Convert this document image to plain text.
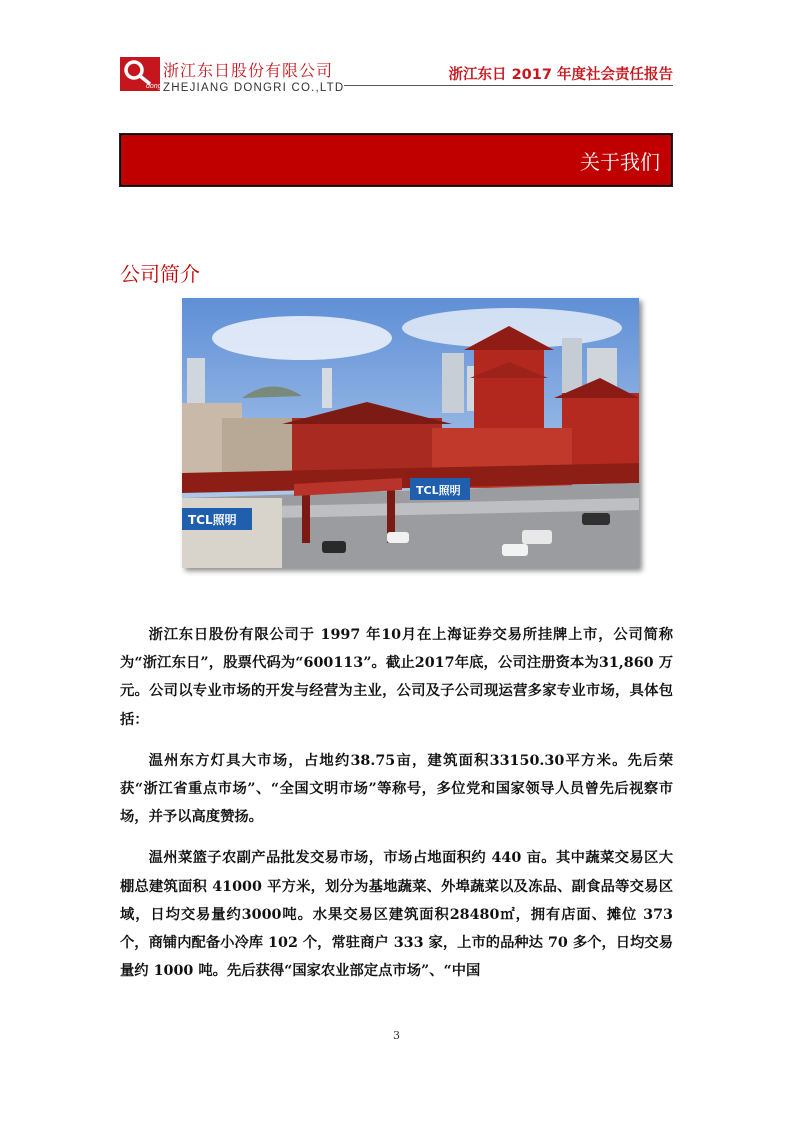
dong
浙江东日股份有限公司
ZHEJIANG DONGRI CO.,LTD
浙江东日 2017 年度社会责任报告
关于我们
公司简介
TCL照明
TCL照明

浙江东日股份有限公司于 1997 年10月在上海证券交易所挂牌上市，公司简称为“浙江东日”，股票代码为“600113”。截止2017年底，公司注册资本为31,860 万元。公司以专业市场的开发与经营为主业，公司及子公司现运营多家专业市场，具体包括：

温州东方灯具大市场，占地约38.75亩，建筑面积33150.30平方米。先后荣获“浙江省重点市场”、“全国文明市场”等称号，多位党和国家领导人员曾先后视察市场，并予以高度赞扬。

温州菜篮子农副产品批发交易市场，市场占地面积约 440 亩。其中蔬菜交易区大棚总建筑面积 41000 平方米，划分为基地蔬菜、外埠蔬菜以及冻品、副食品等交易区域，日均交易量约3000吨。水果交易区建筑面积28480㎡，拥有店面、摊位 373 个，商铺内配备小冷库 102 个，常驻商户 333 家，上市的品种达 70 多个，日均交易量约 1000 吨。先后获得“国家农业部定点市场”、“中国

3
